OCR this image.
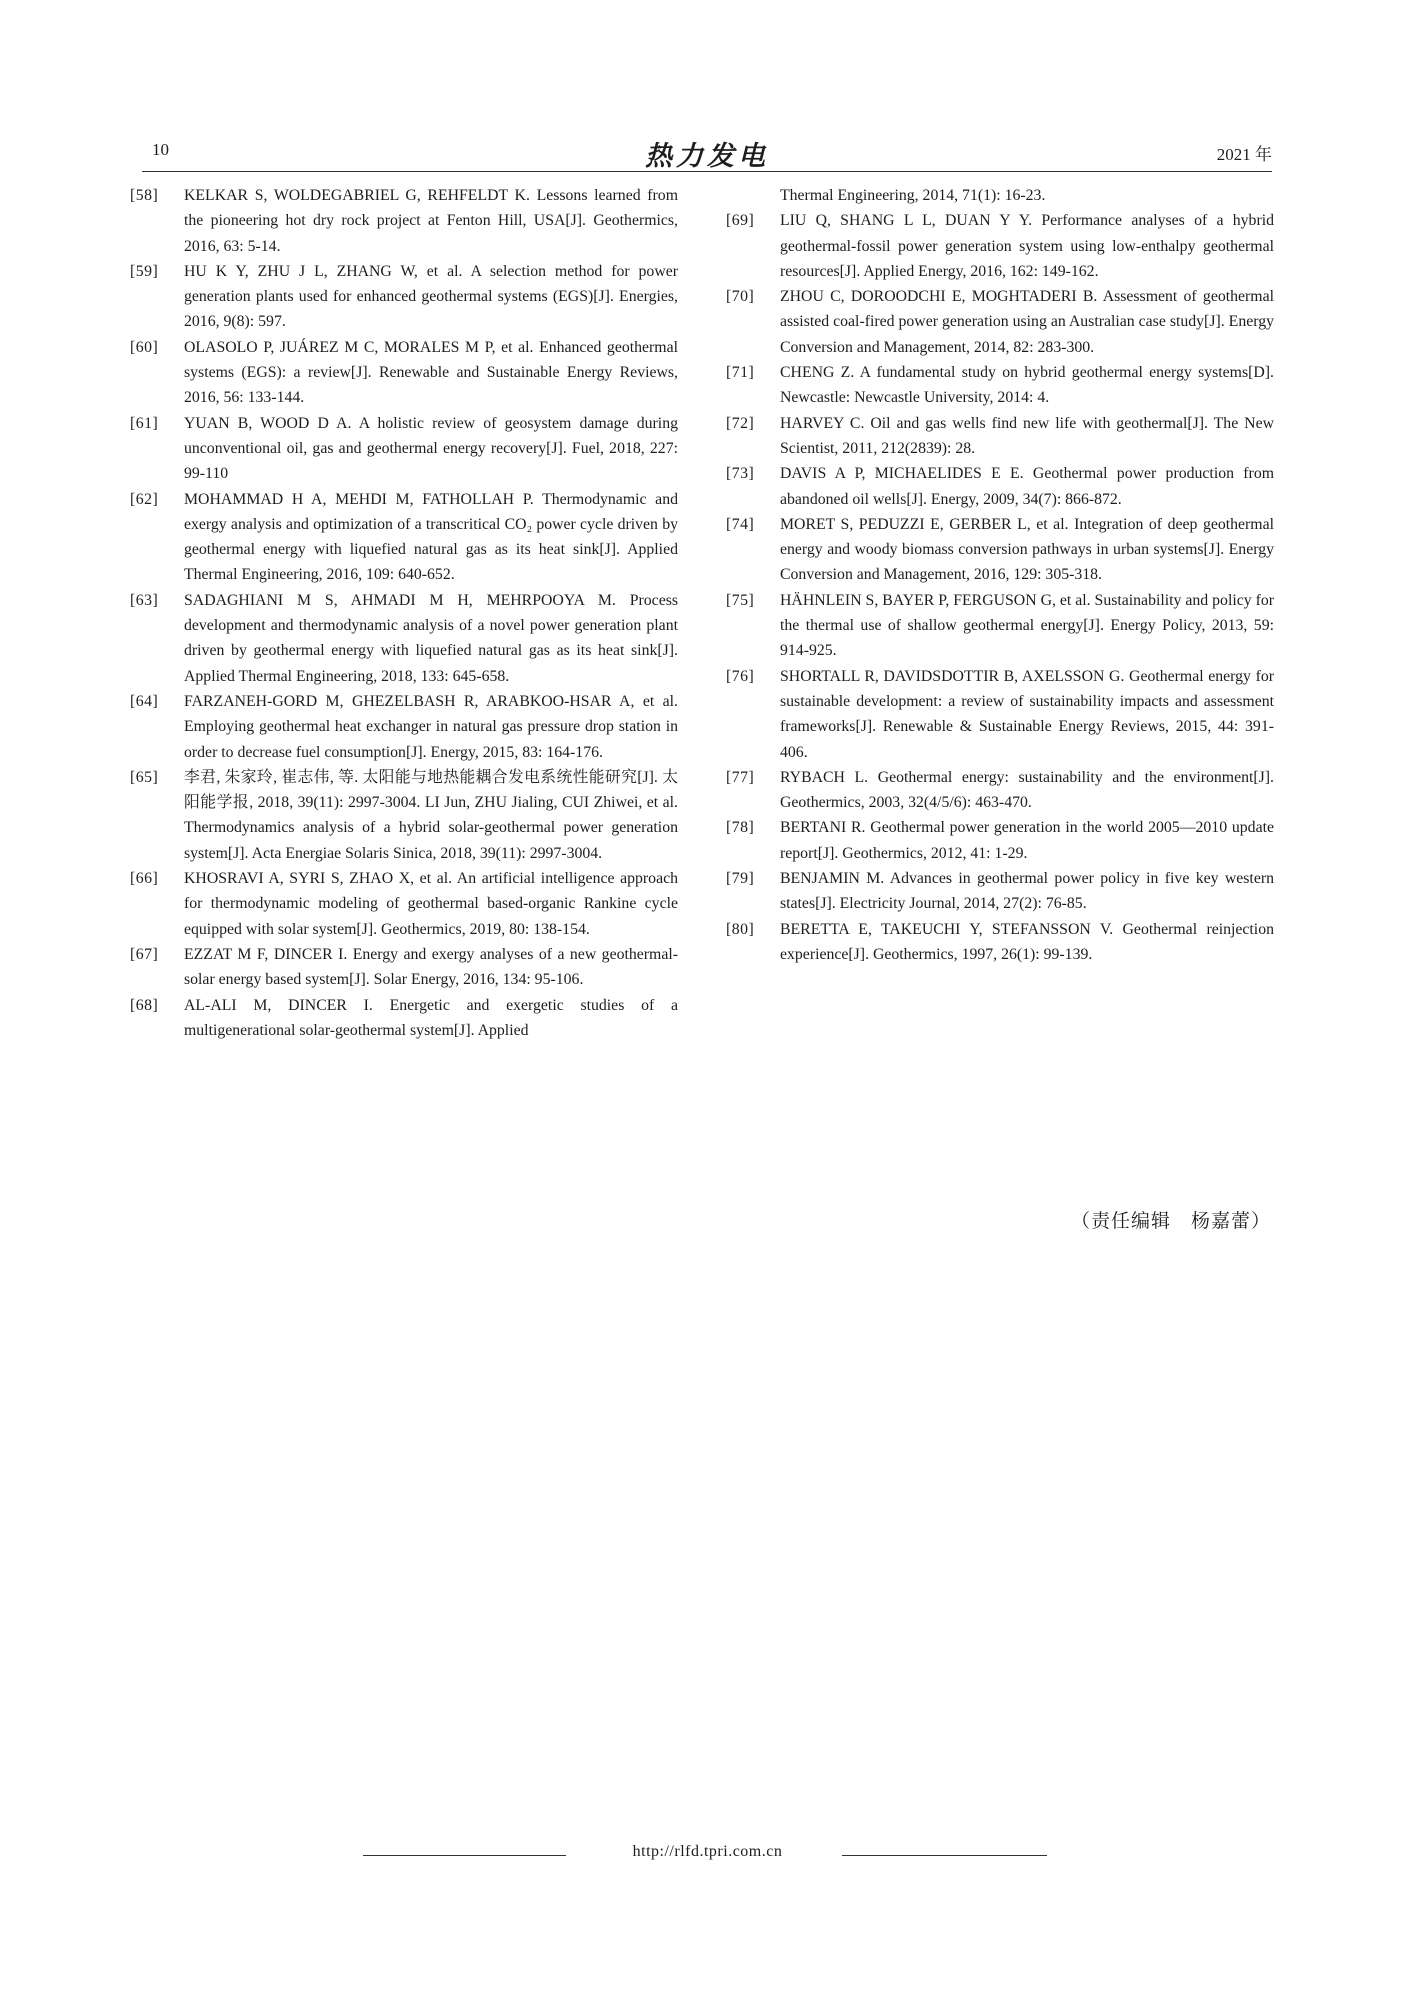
10	热力发电	2021 年
[58]	KELKAR S, WOLDEGABRIEL G, REHFELDT K. Lessons learned from the pioneering hot dry rock project at Fenton Hill, USA[J]. Geothermics, 2016, 63: 5-14.
[59]	HU K Y, ZHU J L, ZHANG W, et al. A selection method for power generation plants used for enhanced geothermal systems (EGS)[J]. Energies, 2016, 9(8): 597.
[60]	OLASOLO P, JUÁREZ M C, MORALES M P, et al. Enhanced geothermal systems (EGS): a review[J]. Renewable and Sustainable Energy Reviews, 2016, 56: 133-144.
[61]	YUAN B, WOOD D A. A holistic review of geosystem damage during unconventional oil, gas and geothermal energy recovery[J]. Fuel, 2018, 227: 99-110
[62]	MOHAMMAD H A, MEHDI M, FATHOLLAH P. Thermodynamic and exergy analysis and optimization of a transcritical CO₂ power cycle driven by geothermal energy with liquefied natural gas as its heat sink[J]. Applied Thermal Engineering, 2016, 109: 640-652.
[63]	SADAGHIANI M S, AHMADI M H, MEHRPOOYA M. Process development and thermodynamic analysis of a novel power generation plant driven by geothermal energy with liquefied natural gas as its heat sink[J]. Applied Thermal Engineering, 2018, 133: 645-658.
[64]	FARZANEH-GORD M, GHEZELBASH R, ARABKOO-HSAR A, et al. Employing geothermal heat exchanger in natural gas pressure drop station in order to decrease fuel consumption[J]. Energy, 2015, 83: 164-176.
[65]	李君, 朱家玲, 崔志伟, 等. 太阳能与地热能耦合发电系统性能研究[J]. 太阳能学报, 2018, 39(11): 2997-3004. LI Jun, ZHU Jialing, CUI Zhiwei, et al. Thermodynamics analysis of a hybrid solar-geothermal power generation system[J]. Acta Energiae Solaris Sinica, 2018, 39(11): 2997-3004.
[66]	KHOSRAVI A, SYRI S, ZHAO X, et al. An artificial intelligence approach for thermodynamic modeling of geothermal based-organic Rankine cycle equipped with solar system[J]. Geothermics, 2019, 80: 138-154.
[67]	EZZAT M F, DINCER I. Energy and exergy analyses of a new geothermal-solar energy based system[J]. Solar Energy, 2016, 134: 95-106.
[68]	AL-ALI M, DINCER I. Energetic and exergetic studies of a multigenerational solar-geothermal system[J]. Applied
Thermal Engineering, 2014, 71(1): 16-23.
[69]	LIU Q, SHANG L L, DUAN Y Y. Performance analyses of a hybrid geothermal-fossil power generation system using low-enthalpy geothermal resources[J]. Applied Energy, 2016, 162: 149-162.
[70]	ZHOU C, DOROODCHI E, MOGHTADERI B. Assessment of geothermal assisted coal-fired power generation using an Australian case study[J]. Energy Conversion and Management, 2014, 82: 283-300.
[71]	CHENG Z. A fundamental study on hybrid geothermal energy systems[D]. Newcastle: Newcastle University, 2014: 4.
[72]	HARVEY C. Oil and gas wells find new life with geothermal[J]. The New Scientist, 2011, 212(2839): 28.
[73]	DAVIS A P, MICHAELIDES E E. Geothermal power production from abandoned oil wells[J]. Energy, 2009, 34(7): 866-872.
[74]	MORET S, PEDUZZI E, GERBER L, et al. Integration of deep geothermal energy and woody biomass conversion pathways in urban systems[J]. Energy Conversion and Management, 2016, 129: 305-318.
[75]	HÄHNLEIN S, BAYER P, FERGUSON G, et al. Sustainability and policy for the thermal use of shallow geothermal energy[J]. Energy Policy, 2013, 59: 914-925.
[76]	SHORTALL R, DAVIDSDOTTIR B, AXELSSON G. Geothermal energy for sustainable development: a review of sustainability impacts and assessment frameworks[J]. Renewable & Sustainable Energy Reviews, 2015, 44: 391-406.
[77]	RYBACH L. Geothermal energy: sustainability and the environment[J]. Geothermics, 2003, 32(4/5/6): 463-470.
[78]	BERTANI R. Geothermal power generation in the world 2005—2010 update report[J]. Geothermics, 2012, 41: 1-29.
[79]	BENJAMIN M. Advances in geothermal power policy in five key western states[J]. Electricity Journal, 2014, 27(2): 76-85.
[80]	BERETTA E, TAKEUCHI Y, STEFANSSON V. Geothermal reinjection experience[J]. Geothermics, 1997, 26(1): 99-139.
（责任编辑　杨嘉蕾）
http://rlfd.tpri.com.cn
